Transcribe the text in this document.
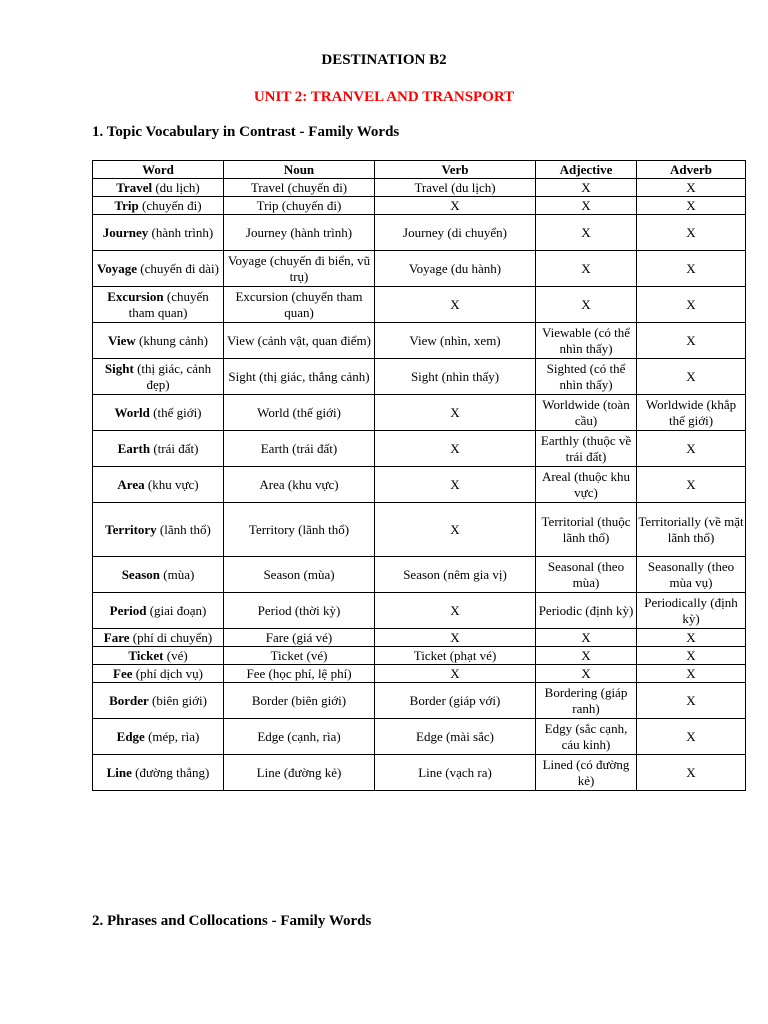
DESTINATION B2
UNIT 2: TRANVEL AND TRANSPORT
1. Topic Vocabulary in Contrast - Family Words
Word	Noun	Verb	Adjective	Adverb
Travel (du lịch)	Travel (chuyến đi)	Travel (du lịch)	X	X
Trip (chuyến đi)	Trip (chuyến đi)	X	X	X
Journey (hành trình)	Journey (hành trình)	Journey (di chuyển)	X	X
Voyage (chuyến đi dài)	Voyage (chuyến đi biển, vũ trụ)	Voyage (du hành)	X	X
Excursion (chuyến tham quan)	Excursion (chuyến tham quan)	X	X	X
View (khung cảnh)	View (cảnh vật, quan điểm)	View (nhìn, xem)	Viewable (có thể nhìn thấy)	X
Sight (thị giác, cảnh đẹp)	Sight (thị giác, thắng cảnh)	Sight (nhìn thấy)	Sighted (có thể nhìn thấy)	X
World (thế giới)	World (thế giới)	X	Worldwide (toàn cầu)	Worldwide (khắp thế giới)
Earth (trái đất)	Earth (trái đất)	X	Earthly (thuộc về trái đất)	X
Area (khu vực)	Area (khu vực)	X	Areal (thuộc khu vực)	X
Territory (lãnh thổ)	Territory (lãnh thổ)	X	Territorial (thuộc lãnh thổ)	Territorially (về mặt lãnh thổ)
Season (mùa)	Season (mùa)	Season (nêm gia vị)	Seasonal (theo mùa)	Seasonally (theo mùa vụ)
Period (giai đoạn)	Period (thời kỳ)	X	Periodic (định kỳ)	Periodically (định kỳ)
Fare (phí di chuyển)	Fare (giá vé)	X	X	X
Ticket (vé)	Ticket (vé)	Ticket (phạt vé)	X	X
Fee (phí dịch vụ)	Fee (học phí, lệ phí)	X	X	X
Border (biên giới)	Border (biên giới)	Border (giáp với)	Bordering (giáp ranh)	X
Edge (mép, rìa)	Edge (cạnh, rìa)	Edge (mài sắc)	Edgy (sắc cạnh, cáu kỉnh)	X
Line (đường thẳng)	Line (đường kẻ)	Line (vạch ra)	Lined (có đường kẻ)	X
2. Phrases and Collocations - Family Words
